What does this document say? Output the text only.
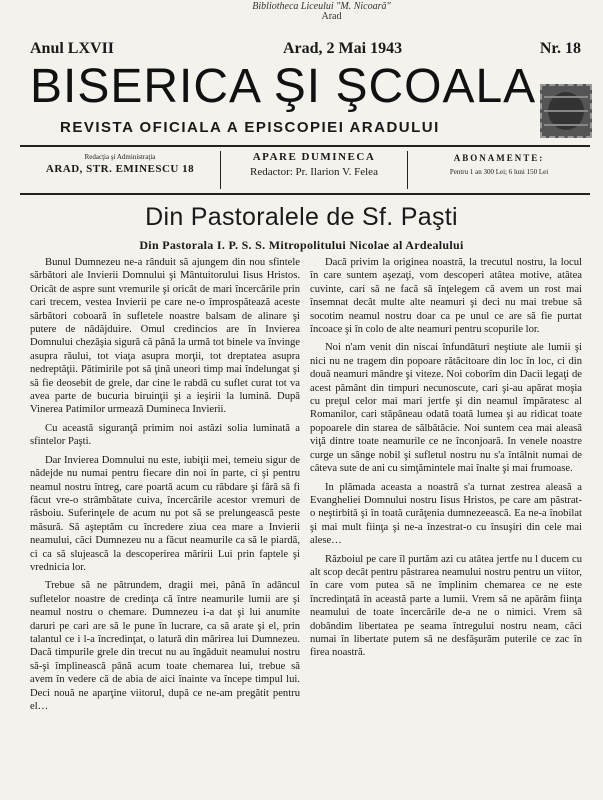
Bibliotheca Liceului "M. Nicoară"
Arad
Anul LXVII	Arad, 2 Mai 1943	Nr. 18
BISERICA ŞI ŞCOALA
REVISTA OFICIALA A EPISCOPIEI ARADULUI
Redacţia şi Administraţia
ARAD, STR. EMINESCU 18
APARE DUMINECA
Redactor: Pr. Ilarion V. Felea
ABONAMENTE:
Pentru 1 an 300 Lei; 6 luni 150 Lei
Din Pastoralele de Sf. Paşti
Din Pastorala I. P. S. S. Mitropolitului Nicolae al Ardealului

Bunul Dumnezeu ne-a rânduit să ajungem din nou sfintele sărbători ale Invierii Domnului şi Mântuitorului Iisus Hristos. Oricât de aspre sunt vremurile şi oricât de mari încercările prin cari trecem, vestea Invierii pe care ne-o împrospătează aceste sărbători coboară în sufletele noastre balsam de alinare şi putere de nădăjduire. Omul credincios are în Invierea Domnului chezăşia sigură că până la urmă tot binele va învinge asupra răului, tot viaţa asupra morţii, tot dreptatea asupra nedreptăţii. Pătimirile pot să ţină uneori timp mai îndelungat şi să fie deosebit de grele, dar cine le rabdă cu suflet curat tot va avea parte de bucuria biruinţii şi a ieşirii la lumină. După Vinerea Patimilor urmează Dumineca Invierii.

Cu această siguranţă primim noi astăzi solia luminată a sfintelor Paşti.

Dar Invierea Domnului nu este, iubiţii mei, temeiu sigur de nădejde nu numai pentru fiecare din noi în parte, ci şi pentru neamul nostru întreg, care poartă acum cu răbdare şi fără să fi făcut vre-o strâmbătate cuiva, încercările acestor vremuri de răsboiu. Suferinţele de acum nu pot să se prelungească peste măsură. Să aşteptăm cu încredere ziua cea mare a Invierii neamului, căci Dumnezeu nu a făcut neamurile ca să le piardă, ci ca să slujească la descoperirea măririi Lui prin faptele şi vrednicia lor.

Trebue să ne pătrundem, dragii mei, până în adâncul sufletelor noastre de credinţa că între neamurile lumii are şi neamul nostru o chemare. Dumnezeu i-a dat şi lui anumite daruri pe cari are să le pune în lucrare, ca să arate şi el, prin talantul ce i l-a încredinţat, o latură din mărirea lui Dumnezeu. Dacă timpurile grele din trecut nu au îngăduit neamului nostru să-şi împlinească până acum toate chemarea lui, trebue să avem în vedere că de abia de aici înainte va începe timpul lui. Deci nouă ne aparţine viitorul, după ce ne-am pregătit pentru el…

Dacă privim la originea noastră, la trecutul nostru, la locul în care suntem aşezaţi, vom descoperi atâtea motive, atâtea cuvinte, cari să ne facă să înţelegem că avem un rost mai însemnat decât multe alte neamuri şi deci nu mai trebue să socotim neamul nostru doar ca pe unul ce are să fie purtat încoace şi în colo de alte neamuri pentru scopurile lor.

Noi n'am venit din niscai înfundături neştiute ale lumii şi nici nu ne tragem din popoare rătăcitoare din loc în loc, ci din două neamuri mândre şi viteze. Noi coborîm din Dacii legaţi de acest pământ din timpuri necunoscute, cari şi-au apărat moşia cu preţul celor mai mari jertfe şi din neamul împăratesc al Romanilor, cari stăpâneau odată toată lumea şi au ridicat toate popoarele din starea de sălbătăcie. Noi suntem cea mai aleasă viţă dintre toate neamurile ce ne înconjoară. In venele noastre curge un sânge nobil şi sufletul nostru nu s'a întâlnit numai de câteva sute de ani cu simţămintele mai înalte şi mai frumoase.

In plămada aceasta a noastră s'a turnat zestrea aleasă a Evangheliei Domnului nostru Iisus Hristos, pe care am păstrat-o neştirbită şi în toată curăţenia dumnezeească. Ea ne-a înobilat şi mai mult fiinţa şi ne-a înzestrat-o cu însuşiri din cele mai alese…

Războiul pe care îl purtăm azi cu atâtea jertfe nu l ducem cu alt scop decât pentru păstrarea neamului nostru pentru un viitor, în care vom putea să ne împlinim chemarea ce ne este încredinţată în această parte a lumii. Vrem să ne apărăm fiinţa neamului de toate încercările de-a ne o nimici. Vrem să dobândim libertatea pe seama întregului nostru neam, căci numai în libertate putem să ne desfăşurăm puterile ce zac în firea noastră.
